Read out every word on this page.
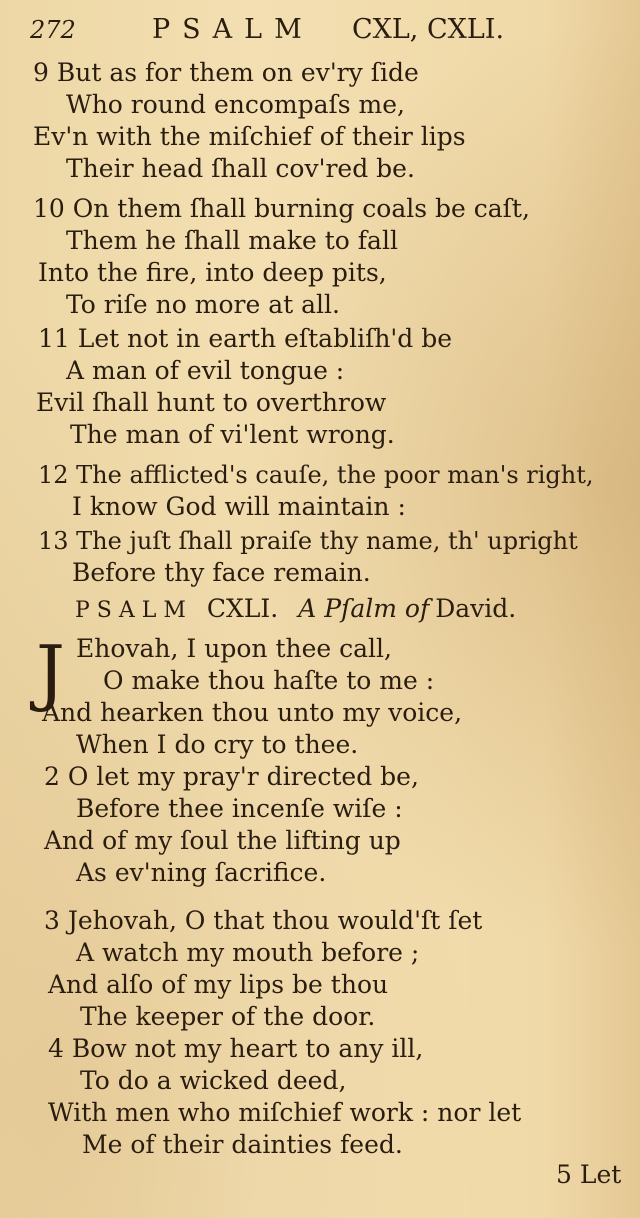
272	PSALM CXL, CXLI.
9 But as for them on ev'ry ſide
Who round encompaſs me,
Ev'n with the miſchief of their lips
Their head ſhall cov'red be.
10 On them ſhall burning coals be caſt,
Them he ſhall make to fall
Into the fire, into deep pits,
To riſe no more at all.
11 Let not in earth eſtabliſh'd be
A man of evil tongue :
Evil ſhall hunt to overthrow
The man of vi'lent wrong.
12 The afflicted's cauſe, the poor man's right,
I know God will maintain :
13 The juſt ſhall praiſe thy name, th' upright
Before thy face remain.
PSALM CXLI. A Pſalm of David.
J Ehovah, I upon thee call,
O make thou haſte to me :
And hearken thou unto my voice,
When I do cry to thee.
2 O let my pray'r directed be,
Before thee incenſe wiſe :
And of my ſoul the lifting up
As ev'ning ſacrifice.
3 Jehovah, O that thou would'ſt ſet
A watch my mouth before ;
And alſo of my lips be thou
The keeper of the door.
4 Bow not my heart to any ill,
To do a wicked deed,
With men who miſchief work : nor let
Me of their dainties feed.
5 Let
